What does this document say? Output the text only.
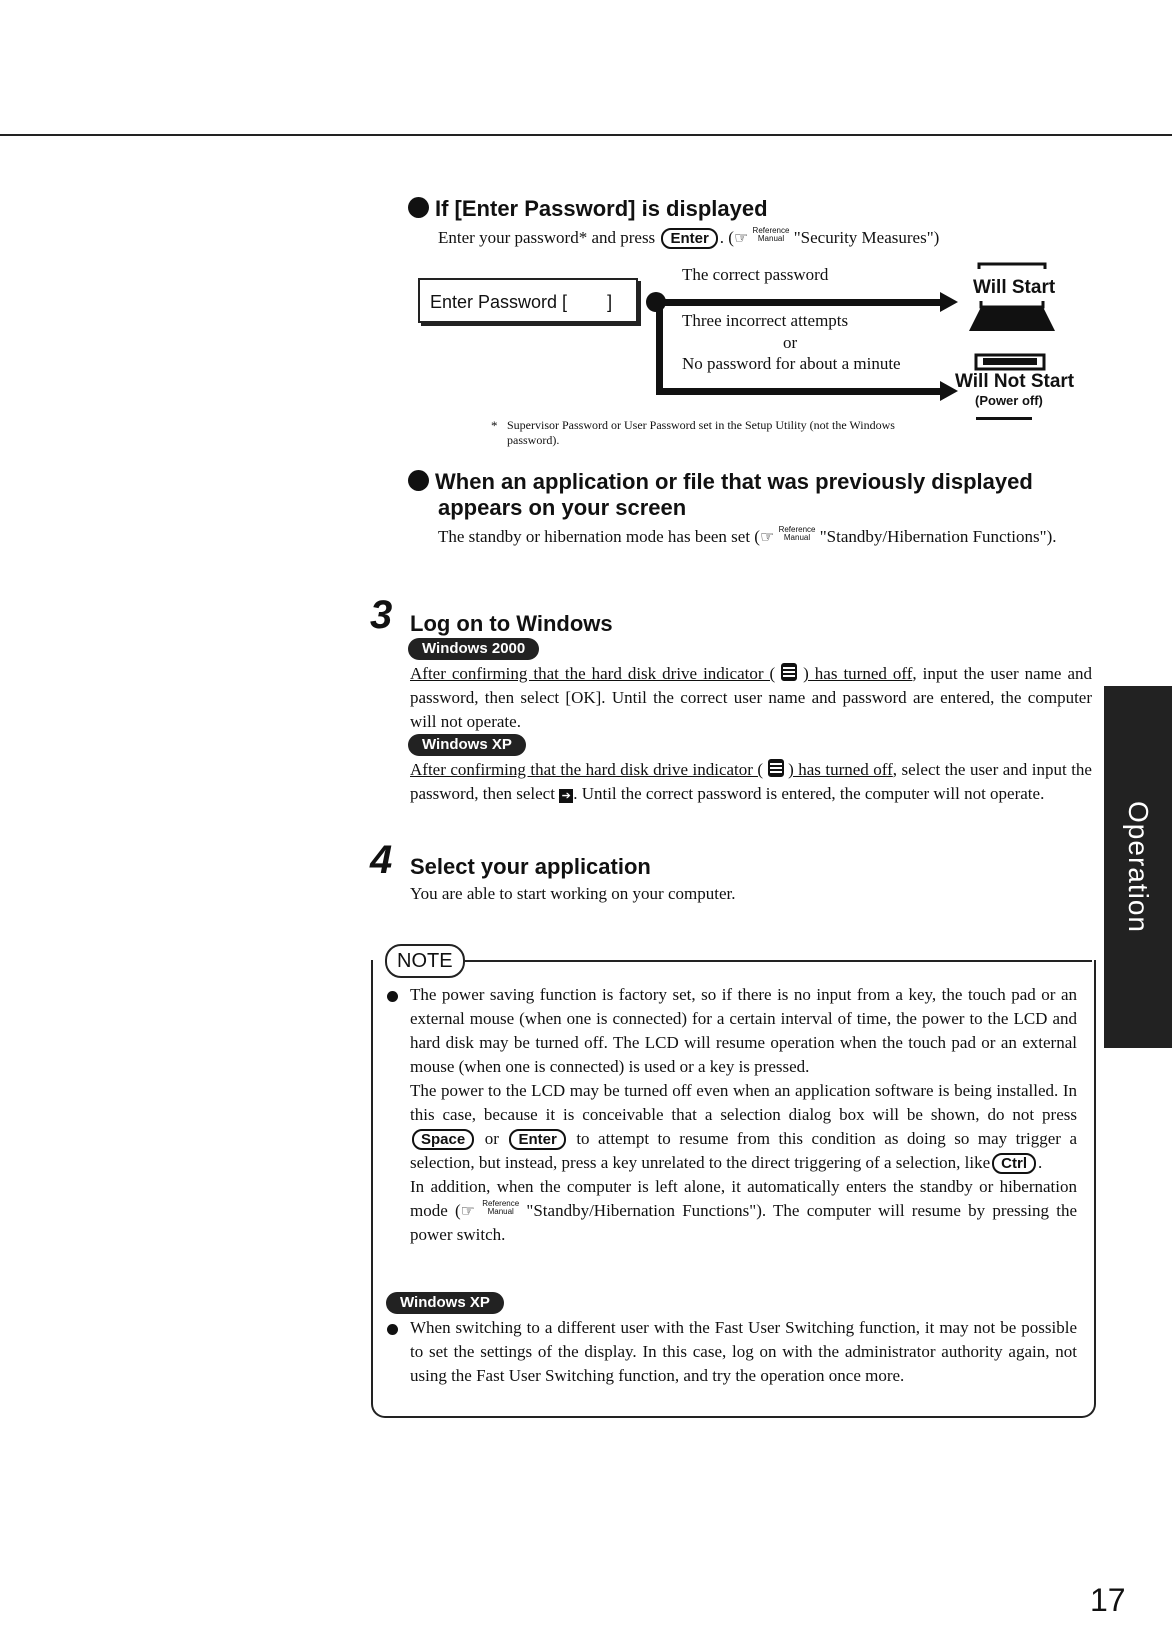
If [Enter Password] is displayed
Enter your password* and press Enter . (☞ Reference
Manual "Security Measures")
Enter Password [        ]
The correct password
Three incorrect attempts
or
No password for about a minute
Will Start
Will Not Start
(Power off)
* Supervisor Password or User Password set in the Setup Utility (not the Windows password).
When an application or file that was previously displayed
appears on your screen
The standby or hibernation mode has been set (☞ Reference
Manual "Standby/Hibernation Functions").
3 Log on to Windows
Windows 2000
After confirming that the hard disk drive indicator ( ) has turned off, input the user name and password, then select [OK]. Until the correct user name and password are entered, the computer will not operate.
Windows XP
After confirming that the hard disk drive indicator ( ) has turned off, select the user and input the password, then select ➔ . Until the correct password is entered, the computer will not operate.
4 Select your application
You are able to start working on your computer.
NOTE
The power saving function is factory set, so if there is no input from a key, the touch pad or an external mouse (when one is connected) for a certain interval of time, the power to the LCD and hard disk may be turned off. The LCD will resume operation when the touch pad or an external mouse (when one is connected) is used or a key is pressed.
The power to the LCD may be turned off even when an application software is being installed. In this case, because it is conceivable that a selection dialog box will be shown, do not pressSpace or Enter to attempt to resume from this condition as doing so may trigger a selection, but instead, press a key unrelated to the direct triggering of a selection, like Ctrl .
In addition, when the computer is left alone, it automatically enters the standby or hibernation mode (☞ Reference
Manual "Standby/Hibernation Functions"). The computer will resume by pressing the power switch.
Windows XP
When switching to a different user with the Fast User Switching function, it may not be possible to set the settings of the display. In this case, log on with the administrator authority again, not using the Fast User Switching function, and try the operation once more.
Operation
17
